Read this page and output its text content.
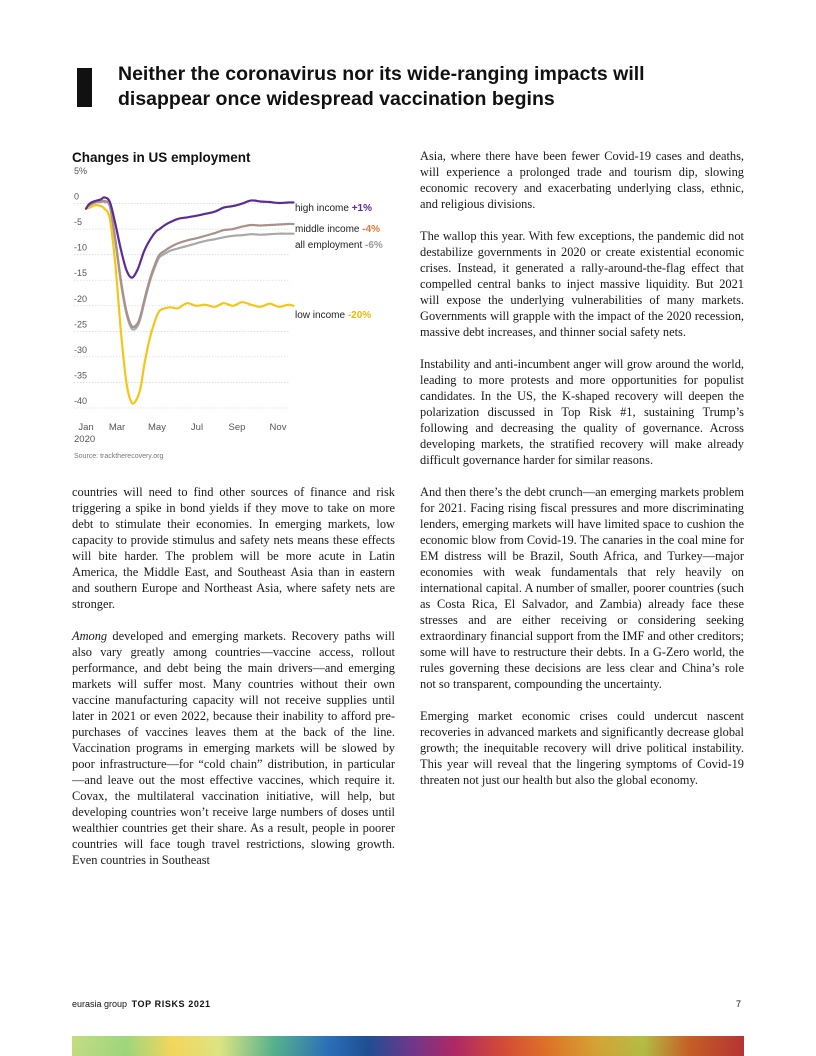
Neither the coronavirus nor its wide-ranging impacts will disappear once widespread vaccination begins
Changes in US employment
5%
0
-5
-10
-15
-20
-25
-30
-35
-40
Jan Mar May	Jul	Sep	Nov
2020
Source: tracktherecovery.org
high income +1%
middle income -4%
all employment -6%
low income -20%

countries will need to find other sources of finance and risk triggering a spike in bond yields if they move to take on more debt to stimulate their economies. In emerging markets, low capacity to provide stimulus and safety nets means these effects will bite harder. The problem will be more acute in Latin America, the Middle East, and Southeast Asia than in eastern and southern Europe and Northeast Asia, where safety nets are stronger.

Among developed and emerging markets. Recovery paths will also vary greatly among countries—vaccine access, rollout performance, and debt being the main drivers—and emerging markets will suffer most. Many countries without their own vaccine manufacturing capacity will not receive supplies until later in 2021 or even 2022, because their inability to afford pre-purchases of vaccines leaves them at the back of the line. Vaccination programs in emerging markets will be slowed by poor infrastructure—for “cold chain” distribution, in particular—and leave out the most effective vaccines, which require it. Covax, the multilateral vaccination initiative, will help, but developing countries won’t receive large numbers of doses until wealthier countries get their share. As a result, people in poorer countries will face tough travel restrictions, slowing growth. Even countries in Southeast

Asia, where there have been fewer Covid-19 cases and deaths, will experience a prolonged trade and tourism dip, slowing economic recovery and exacerbating underlying class, ethnic, and religious divisions.

The wallop this year. With few exceptions, the pandemic did not destabilize governments in 2020 or create existential economic crises. Instead, it generated a rally-around-the-flag effect that compelled central banks to inject massive liquidity. But 2021 will expose the underlying vulnerabilities of many markets. Governments will grapple with the impact of the 2020 recession, massive debt increases, and thinner social safety nets.

Instability and anti-incumbent anger will grow around the world, leading to more protests and more opportunities for populist candidates. In the US, the K-shaped recovery will deepen the polarization discussed in Top Risk #1, sustaining Trump’s following and decreasing the quality of governance. Across developing markets, the stratified recovery will make already difficult governance harder for similar reasons.

And then there’s the debt crunch—an emerging markets problem for 2021. Facing rising fiscal pressures and more discriminating lenders, emerging markets will have limited space to cushion the economic blow from Covid-19. The canaries in the coal mine for EM distress will be Brazil, South Africa, and Turkey—major economies with weak fundamentals that rely heavily on international capital. A number of smaller, poorer countries (such as Costa Rica, El Salvador, and Zambia) already face these stresses and are either receiving or considering seeking extraordinary financial support from the IMF and other creditors; some will have to restructure their debts. In a G-Zero world, the rules governing these decisions are less clear and China’s role not so transparent, compounding the uncertainty.

Emerging market economic crises could undercut nascent recoveries in advanced markets and significantly decrease global growth; the inequitable recovery will drive political instability. This year will reveal that the lingering symptoms of Covid-19 threaten not just our health but also the global economy.

eurasia group TOP RISKS 2021	7
